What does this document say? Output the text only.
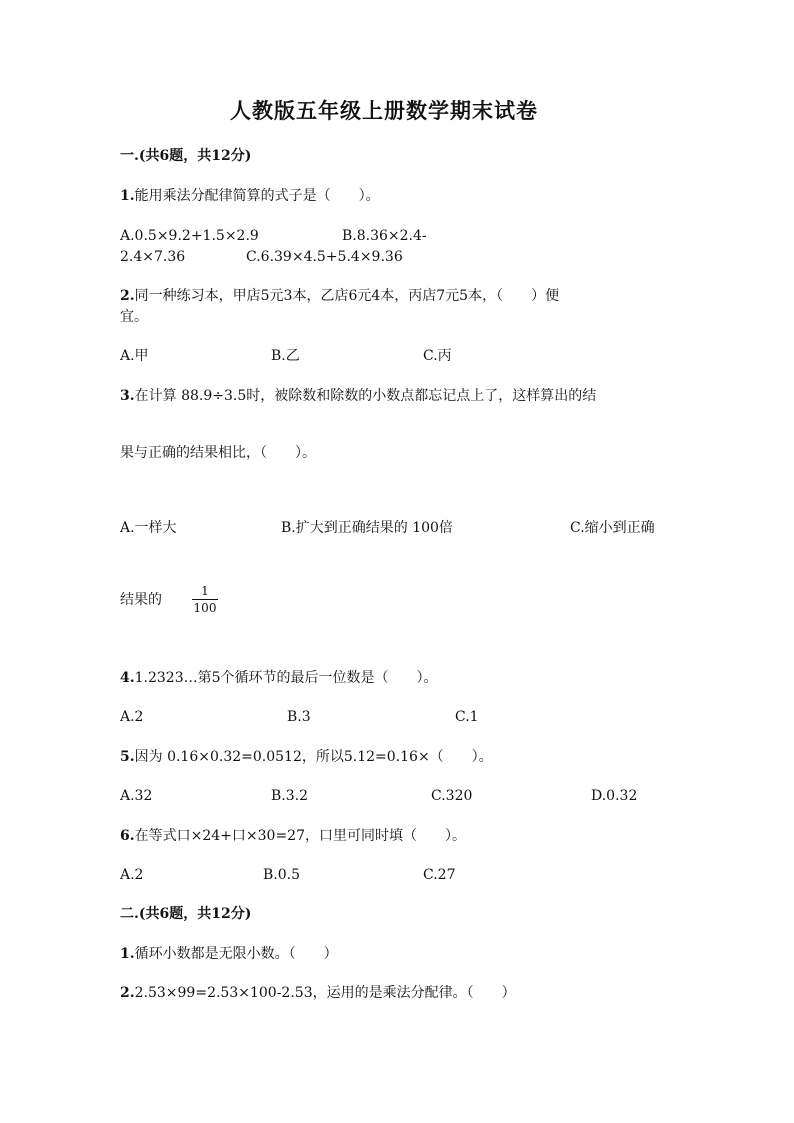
人教版五年级上册数学期末试卷
一.(共6题，共12分)
1.能用乘法分配律简算的式子是（　　）。
A.0.5×9.2+1.5×2.9	B.8.36×2.4-
2.4×7.36	C.6.39×4.5+5.4×9.36
2.同一种练习本，甲店5元3本，乙店6元4本，丙店7元5本，（　　）便
宜。
A.甲	B.乙	C.丙
3.在计算 88.9÷3.5时，被除数和除数的小数点都忘记点上了，这样算出的结
果与正确的结果相比，（　　）。
A.一样大	B.扩大到正确结果的 100倍	C.缩小到正确
结果的
1
100
4.1.2323…第5个循环节的最后一位数是（　　）。
A.2	B.3	C.1
5.因为 0.16×0.32=0.0512，所以5.12=0.16×（　　）。
A.32	B.3.2	C.320	D.0.32
6.在等式口×24+口×30=27，口里可同时填（　　）。
A.2	B.0.5	C.27
二.(共6题，共12分)
1.循环小数都是无限小数。（　　）
2.2.53×99=2.53×100-2.53，运用的是乘法分配律。（　　）
